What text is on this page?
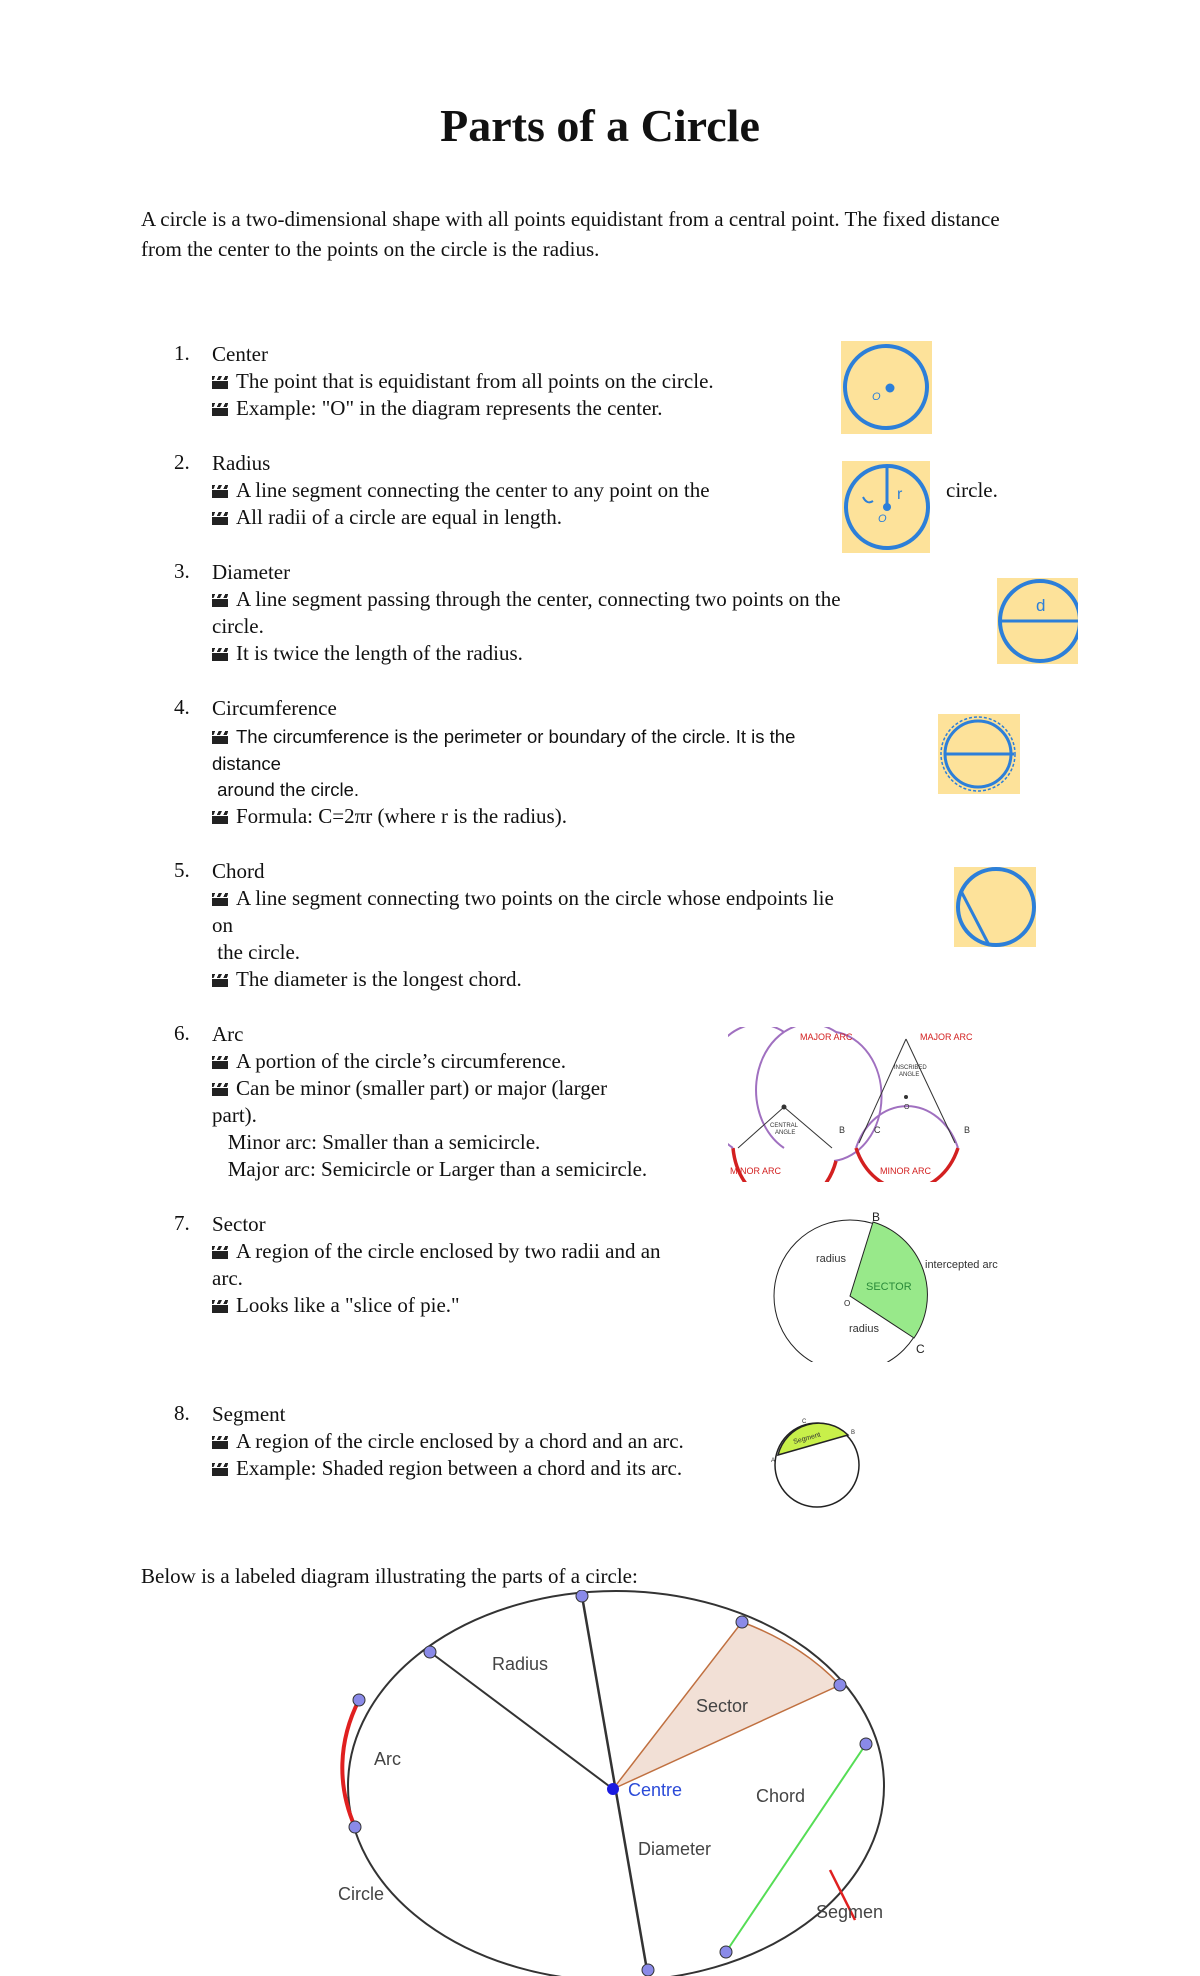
Parts of a Circle
A circle is a two-dimensional shape with all points equidistant from a central point. The fixed distance from the center to the points on the circle is the radius.
1. Center
The point that is equidistant from all points on the circle.
Example: "O" in the diagram represents the center.
2. Radius
A line segment connecting the center to any point on the	circle.
All radii of a circle are equal in length.
3. Diameter
A line segment passing through the center, connecting two points on the
circle.
It is twice the length of the radius.
4. Circumference
The circumference is the perimeter or boundary of the circle. It is the
distance
around the circle.
Formula: C=2πr (where r is the radius).
5. Chord
A line segment connecting two points on the circle whose endpoints lie
on
the circle.
The diameter is the longest chord.
6. Arc
A portion of the circle’s circumference.
Can be minor (smaller part) or major (larger
part).
Minor arc: Smaller than a semicircle.
Major arc: Semicircle or Larger than a semicircle.
7. Sector
A region of the circle enclosed by two radii and an
arc.
Looks like a "slice of pie."
8. Segment
A region of the circle enclosed by a chord and an arc.
Example: Shaded region between a chord and its arc.
O
r
O
d
MAJOR ARC
CENTRAL
ANGLE	B
MINOR ARC
INSCRIBED
ANGLE
O
MAJOR ARC
C	B
MINOR ARC
B
C
O
radius
radius
SECTOR
intercepted arc
Segment
A
B
C
Below is a labeled diagram illustrating the parts of a circle:
Radius
Sector
Arc
Centre	Chord
Diameter
Circle
Segmen
